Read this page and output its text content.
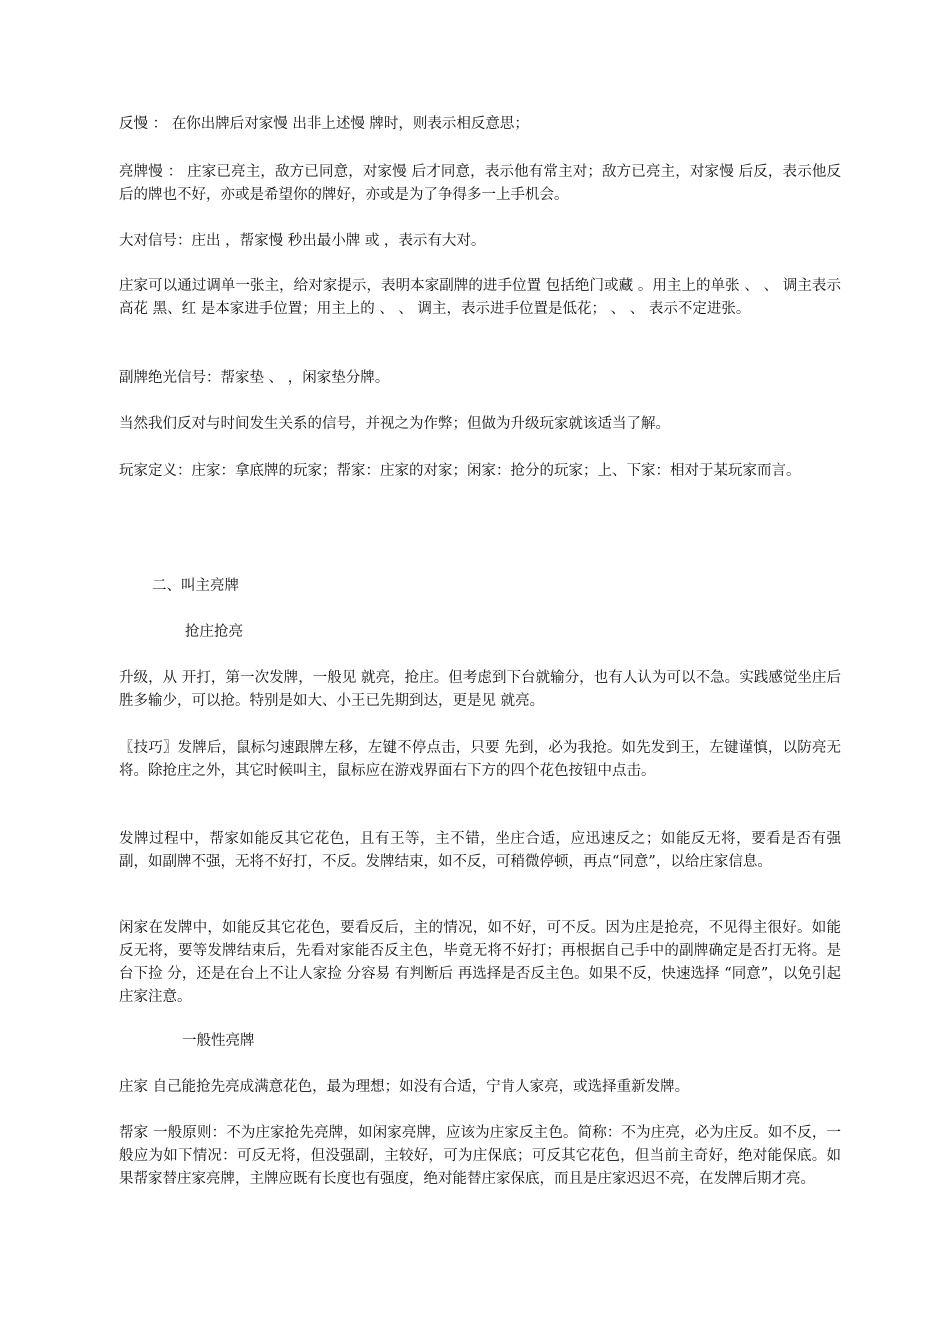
反慢 ： 在你出牌后对家慢 出非上述慢 牌时，则表示相反意思；

亮牌慢 ： 庄家已亮主，敌方已同意，对家慢 后才同意，表示他有常主对；敌方已亮主，对家慢 后反，表示他反后的牌也不好，亦或是希望你的牌好，亦或是为了争得多一上手机会。

大对信号：庄出 ，帮家慢 秒出最小牌 或 ，表示有大对。

庄家可以通过调单一张主，给对家提示，表明本家副牌的进手位置 包括绝门或藏 。用主上的单张 、 、 调主表示高花 黑、红 是本家进手位置；用主上的 、 、 调主，表示进手位置是低花； 、 、 表示不定进张。

副牌绝光信号：帮家垫 、 ，闲家垫分牌。

当然我们反对与时间发生关系的信号，并视之为作弊；但做为升级玩家就该适当了解。

玩家定义：庄家：拿底牌的玩家；帮家：庄家的对家；闲家：抢分的玩家；上、下家：相对于某玩家而言。

二、叫主亮牌
抢庄抢亮

升级，从 开打，第一次发牌，一般见 就亮，抢庄。但考虑到下台就输分，也有人认为可以不急。实践感觉坐庄后胜多输少，可以抢。特别是如大、小王已先期到达，更是见 就亮。

〖技巧〗发牌后，鼠标匀速跟牌左移，左键不停点击，只要 先到，必为我抢。如先发到王，左键谨慎，以防亮无将。除抢庄之外，其它时候叫主，鼠标应在游戏界面右下方的四个花色按钮中点击。

发牌过程中，帮家如能反其它花色，且有王等，主不错，坐庄合适，应迅速反之；如能反无将，要看是否有强副，如副牌不强，无将不好打，不反。发牌结束，如不反，可稍微停顿，再点“同意”，以给庄家信息。

闲家在发牌中，如能反其它花色，要看反后，主的情况，如不好，可不反。因为庄是抢亮，不见得主很好。如能反无将，要等发牌结束后，先看对家能否反主色，毕竟无将不好打；再根据自己手中的副牌确定是否打无将。是台下捡 分，还是在台上不让人家捡 分容易 有判断后 再选择是否反主色。如果不反，快速选择 “同意”，以免引起庄家注意。

一般性亮牌

庄家 自己能抢先亮成满意花色，最为理想；如没有合适，宁肯人家亮，或选择重新发牌。

帮家 一般原则：不为庄家抢先亮牌，如闲家亮牌，应该为庄家反主色。简称：不为庄亮，必为庄反。如不反，一般应为如下情况：可反无将，但没强副，主较好，可为庄保底；可反其它花色，但当前主奇好，绝对能保底。如果帮家替庄家亮牌，主牌应既有长度也有强度，绝对能替庄家保底，而且是庄家迟迟不亮，在发牌后期才亮。
